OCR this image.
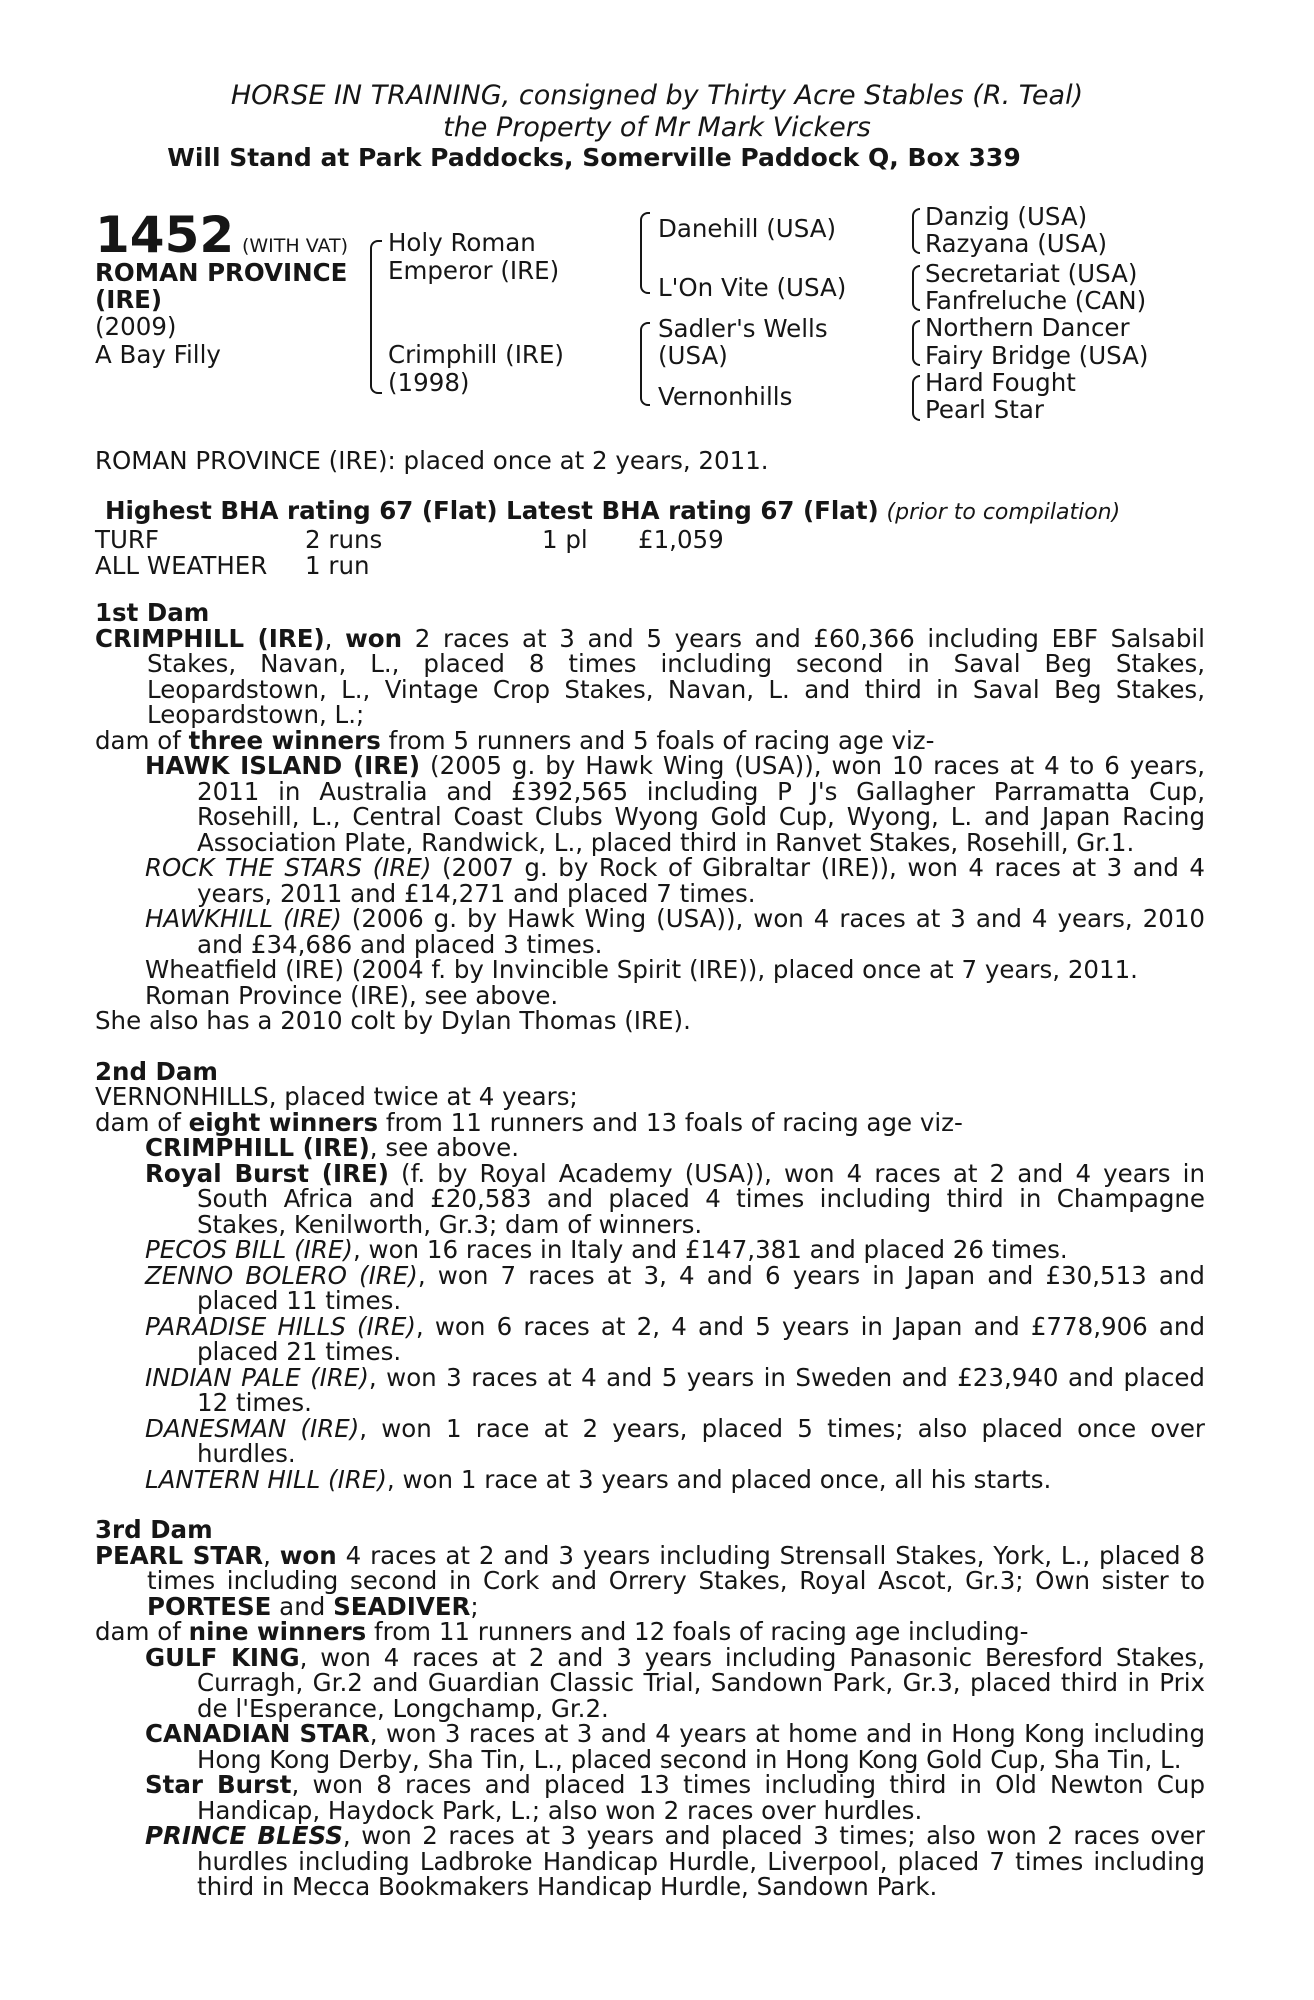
HORSE IN TRAINING, consigned by Thirty Acre Stables (R. Teal)
the Property of Mr Mark Vickers
Will Stand at Park Paddocks, Somerville Paddock Q, Box 339
1452 (WITH VAT)
ROMAN PROVINCE
(IRE)
(2009)
A Bay Filly
Holy Roman
Emperor (IRE)
Crimphill (IRE)
(1998)
Danehill (USA)
L'On Vite (USA)
Sadler's Wells
(USA)
Vernonhills
Danzig (USA)
Razyana (USA)
Secretariat (USA)
Fanfreluche (CAN)
Northern Dancer
Fairy Bridge (USA)
Hard Fought
Pearl Star
ROMAN PROVINCE (IRE): placed once at 2 years, 2011.
Highest BHA rating 67 (Flat) Latest BHA rating 67 (Flat) (prior to compilation)
TURF	2 runs	1 pl £1,059
ALL WEATHER 1 run

1st Dam

CRIMPHILL (IRE), won 2 races at 3 and 5 years and £60,366 including EBF Salsabil Stakes, Navan, L., placed 8 times including second in Saval Beg Stakes, Leopardstown, L., Vintage Crop Stakes, Navan, L. and third in Saval Beg Stakes, Leopardstown, L.;

dam of three winners from 5 runners and 5 foals of racing age viz-

HAWK ISLAND (IRE) (2005 g. by Hawk Wing (USA)), won 10 races at 4 to 6 years, 2011 in Australia and £392,565 including P J's Gallagher Parramatta Cup, Rosehill, L., Central Coast Clubs Wyong Gold Cup, Wyong, L. and Japan Racing Association Plate, Randwick, L., placed third in Ranvet Stakes, Rosehill, Gr.1.

ROCK THE STARS (IRE) (2007 g. by Rock of Gibraltar (IRE)), won 4 races at 3 and 4 years, 2011 and £14,271 and placed 7 times.

HAWKHILL (IRE) (2006 g. by Hawk Wing (USA)), won 4 races at 3 and 4 years, 2010 and £34,686 and placed 3 times.

Wheatfield (IRE) (2004 f. by Invincible Spirit (IRE)), placed once at 7 years, 2011.

Roman Province (IRE), see above.

She also has a 2010 colt by Dylan Thomas (IRE).

2nd Dam

VERNONHILLS, placed twice at 4 years;

dam of eight winners from 11 runners and 13 foals of racing age viz-

CRIMPHILL (IRE), see above.

Royal Burst (IRE) (f. by Royal Academy (USA)), won 4 races at 2 and 4 years in South Africa and £20,583 and placed 4 times including third in Champagne Stakes, Kenilworth, Gr.3; dam of winners.

PECOS BILL (IRE), won 16 races in Italy and £147,381 and placed 26 times.

ZENNO BOLERO (IRE), won 7 races at 3, 4 and 6 years in Japan and £30,513 and placed 11 times.

PARADISE HILLS (IRE), won 6 races at 2, 4 and 5 years in Japan and £778,906 and placed 21 times.

INDIAN PALE (IRE), won 3 races at 4 and 5 years in Sweden and £23,940 and placed 12 times.

DANESMAN (IRE), won 1 race at 2 years, placed 5 times; also placed once over hurdles.

LANTERN HILL (IRE), won 1 race at 3 years and placed once, all his starts.

3rd Dam

PEARL STAR, won 4 races at 2 and 3 years including Strensall Stakes, York, L., placed 8 times including second in Cork and Orrery Stakes, Royal Ascot, Gr.3; Own sister to PORTESE and SEADIVER;

dam of nine winners from 11 runners and 12 foals of racing age including-

GULF KING, won 4 races at 2 and 3 years including Panasonic Beresford Stakes, Curragh, Gr.2 and Guardian Classic Trial, Sandown Park, Gr.3, placed third in Prix de l'Esperance, Longchamp, Gr.2.

CANADIAN STAR, won 3 races at 3 and 4 years at home and in Hong Kong including Hong Kong Derby, Sha Tin, L., placed second in Hong Kong Gold Cup, Sha Tin, L.

Star Burst, won 8 races and placed 13 times including third in Old Newton Cup Handicap, Haydock Park, L.; also won 2 races over hurdles.

PRINCE BLESS, won 2 races at 3 years and placed 3 times; also won 2 races over hurdles including Ladbroke Handicap Hurdle, Liverpool, placed 7 times including third in Mecca Bookmakers Handicap Hurdle, Sandown Park.
